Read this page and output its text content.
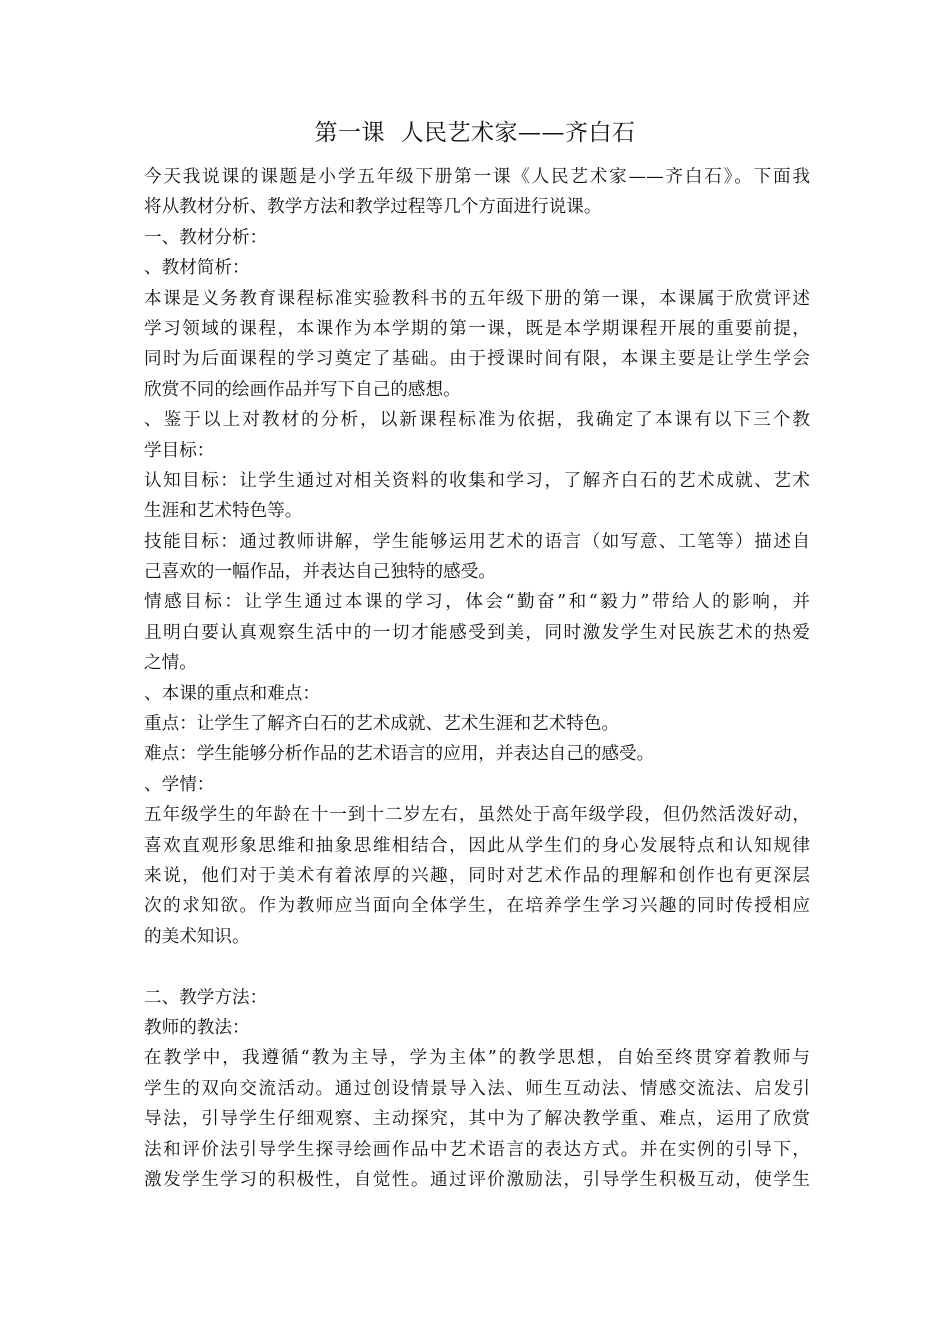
第一课  人民艺术家——齐白石
今天我说课的课题是小学五年级下册第一课《人民艺术家——齐白石》。下面我
将从教材分析、教学方法和教学过程等几个方面进行说课。
一、教材分析：
、教材简析：
本课是义务教育课程标准实验教科书的五年级下册的第一课，本课属于欣赏评述
学习领域的课程，本课作为本学期的第一课，既是本学期课程开展的重要前提，
同时为后面课程的学习奠定了基础。由于授课时间有限，本课主要是让学生学会
欣赏不同的绘画作品并写下自己的感想。
、鉴于以上对教材的分析，以新课程标准为依据，我确定了本课有以下三个教
学目标：
认知目标：让学生通过对相关资料的收集和学习，了解齐白石的艺术成就、艺术
生涯和艺术特色等。
技能目标：通过教师讲解，学生能够运用艺术的语言（如写意、工笔等）描述自
己喜欢的一幅作品，并表达自己独特的感受。
情感目标：让学生通过本课的学习，体会“勤奋”和“毅力”带给人的影响，并
且明白要认真观察生活中的一切才能感受到美，同时激发学生对民族艺术的热爱
之情。
、本课的重点和难点：
重点：让学生了解齐白石的艺术成就、艺术生涯和艺术特色。
难点：学生能够分析作品的艺术语言的应用，并表达自己的感受。
、学情：
五年级学生的年龄在十一到十二岁左右，虽然处于高年级学段，但仍然活泼好动，
喜欢直观形象思维和抽象思维相结合，因此从学生们的身心发展特点和认知规律
来说，他们对于美术有着浓厚的兴趣，同时对艺术作品的理解和创作也有更深层
次的求知欲。作为教师应当面向全体学生，在培养学生学习兴趣的同时传授相应
的美术知识。
二、教学方法：
教师的教法：
在教学中，我遵循“教为主导，学为主体”的教学思想，自始至终贯穿着教师与
学生的双向交流活动。通过创设情景导入法、师生互动法、情感交流法、启发引
导法，引导学生仔细观察、主动探究，其中为了解决教学重、难点，运用了欣赏
法和评价法引导学生探寻绘画作品中艺术语言的表达方式。并在实例的引导下，
激发学生学习的积极性，自觉性。通过评价激励法，引导学生积极互动，使学生
